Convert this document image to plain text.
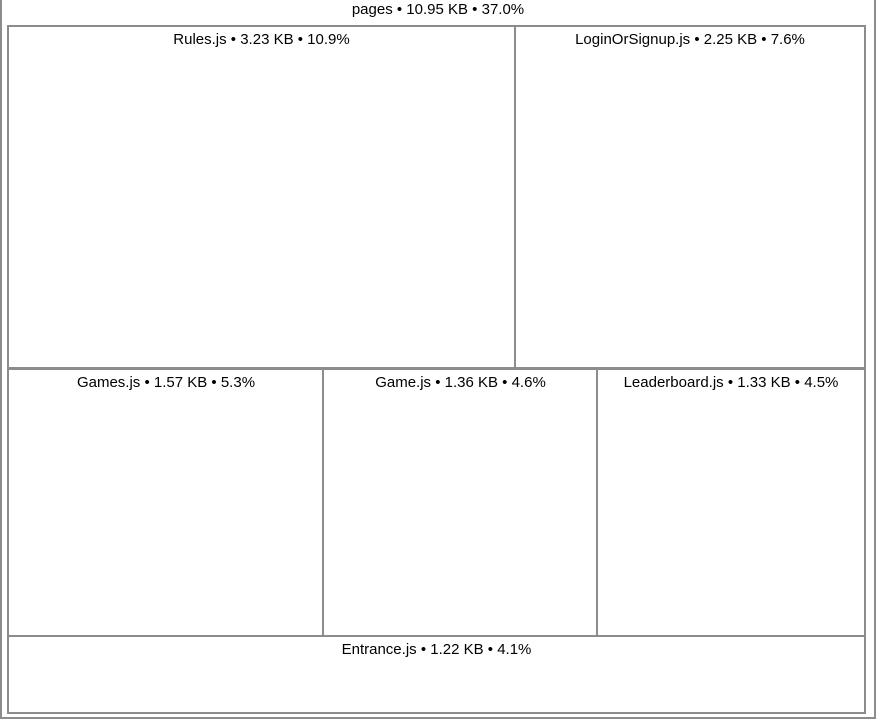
pages • 10.95 KB • 37.0%
Rules.js • 3.23 KB • 10.9%	LoginOrSignup.js • 2.25 KB • 7.6%
Games.js • 1.57 KB • 5.3%	Game.js • 1.36 KB • 4.6%	Leaderboard.js • 1.33 KB • 4.5%
Entrance.js • 1.22 KB • 4.1%
